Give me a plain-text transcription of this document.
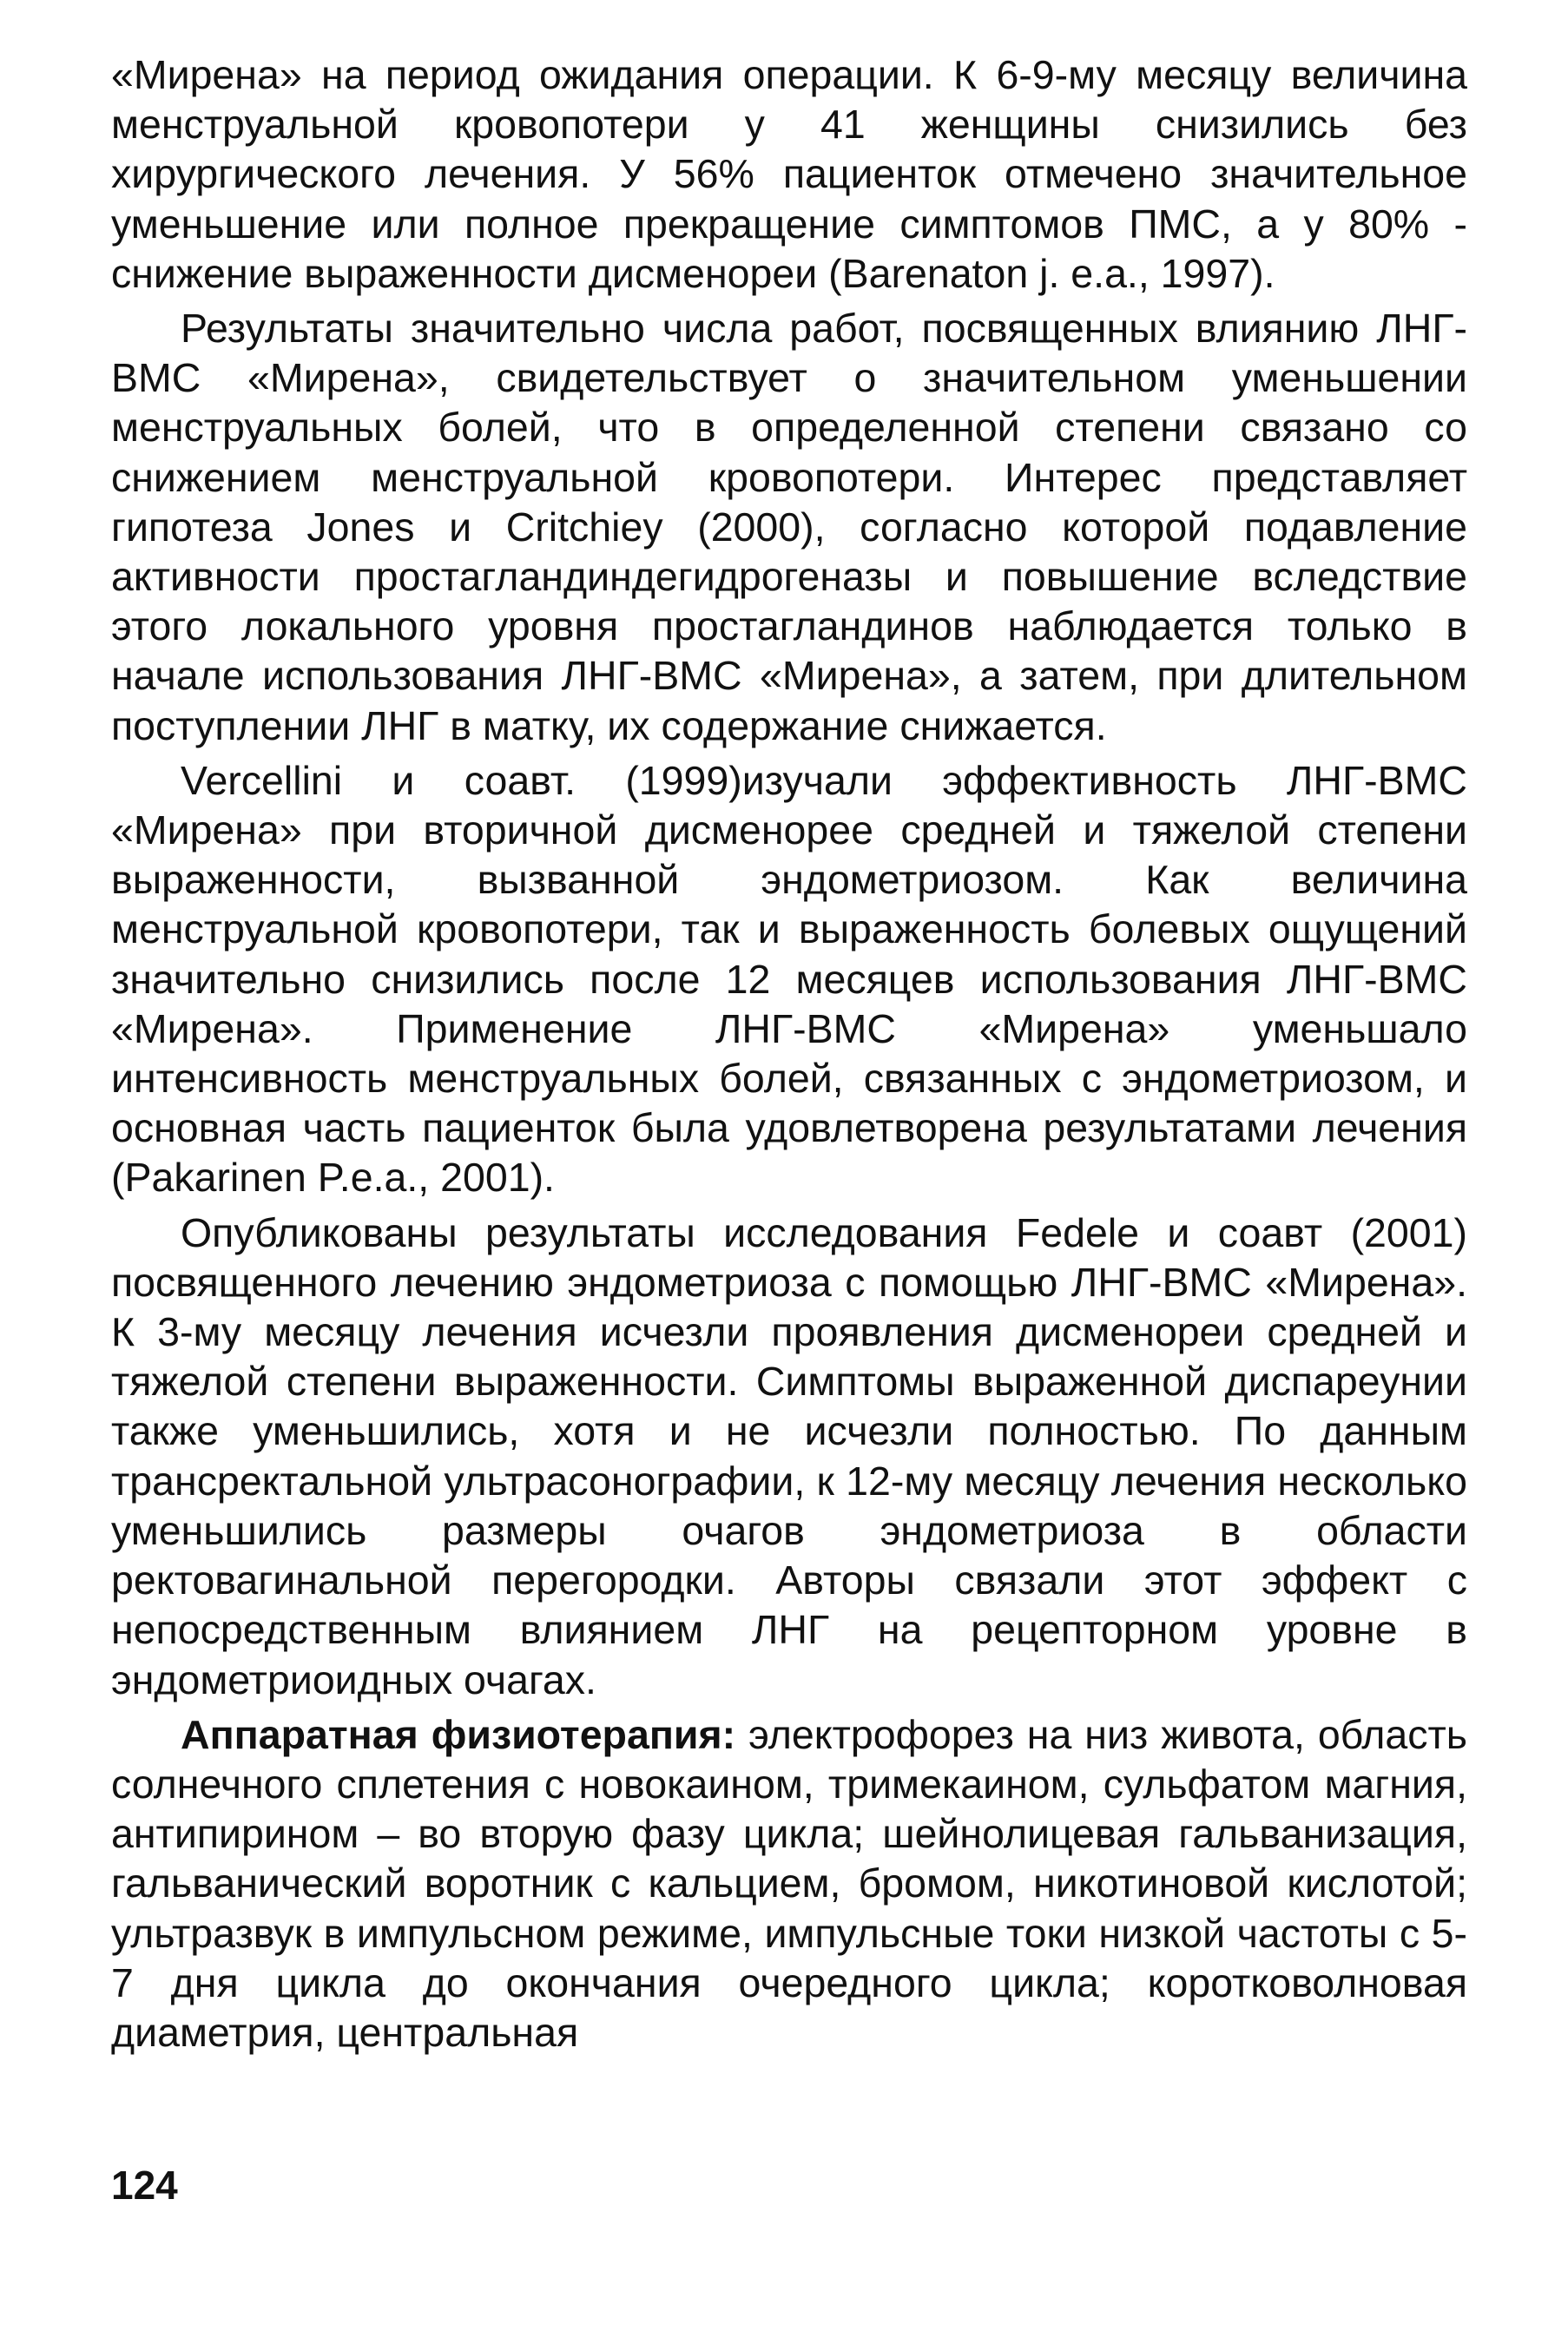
«Мирена» на период ожидания операции. К 6-9-му месяцу величина менструальной кровопотери у 41 женщины снизились без хирургического лечения. У 56% пациенток отмечено значительное уменьшение или полное прекращение симптомов ПМС, а у 80% - снижение выраженности дисменореи (Barenaton j. e.a., 1997).

Результаты значительно числа работ, посвященных влиянию ЛНГ-ВМС «Мирена», свидетельствует о значительном уменьшении менструальных болей, что в определенной степени связано со снижением менструальной кровопотери. Интерес представляет гипотеза Jones и Critchiey (2000), согласно которой подавление активности простагландиндегидрогеназы и повышение вследствие этого локального уровня простагландинов наблюдается только в начале использования ЛНГ-ВМС «Мирена», а затем, при длительном поступлении ЛНГ в матку, их содержание снижается.

Vercellini и соавт. (1999)изучали эффективность ЛНГ-ВМС «Мирена» при вторичной дисменорее средней и тяжелой степени выраженности, вызванной эндометриозом. Как величина менструальной кровопотери, так и выраженность болевых ощущений значительно снизились после 12 месяцев использования ЛНГ-ВМС «Мирена». Применение ЛНГ-ВМС «Мирена» уменьшало интенсивность менструальных болей, связанных с эндометриозом, и основная часть пациенток была удовлетворена результатами лечения (Pakarinen P.e.a., 2001).

Опубликованы результаты исследования Fedele и соавт (2001) посвященного лечению эндометриоза с помощью ЛНГ-ВМС «Мирена». К 3-му месяцу лечения исчезли проявления дисменореи средней и тяжелой степени выраженности. Симптомы выраженной диспареунии также уменьшились, хотя и не исчезли полностью. По данным трансректальной ультрасонографии, к 12-му месяцу лечения несколько уменьшились размеры очагов эндометриоза в области ректовагинальной перегородки. Авторы связали этот эффект с непосредственным влиянием ЛНГ на рецепторном уровне в эндометриоидных очагах.

Аппаратная физиотерапия: электрофорез на низ живота, область солнечного сплетения с новокаином, тримекаином, сульфатом магния, антипирином – во вторую фазу цикла; шейнолицевая гальванизация, гальванический воротник с кальцием, бромом, никотиновой кислотой; ультразвук в импульсном режиме, импульсные токи низкой частоты с 5-7 дня цикла до окончания очередного цикла; коротковолновая диаметрия, центральная

124
